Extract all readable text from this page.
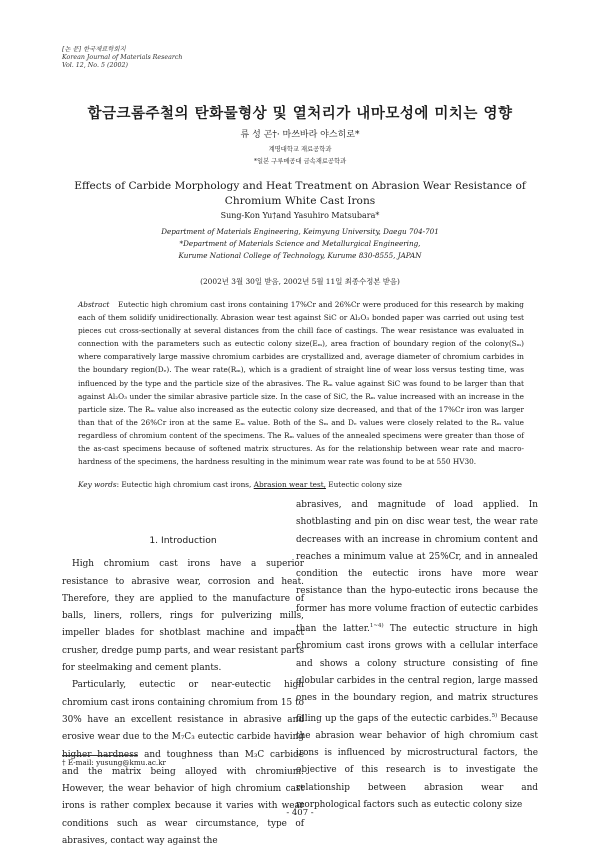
[논 문] 한국재료학회지
Korean Journal of Materials Research
Vol. 12, No. 5 (2002)
합금크롬주철의 탄화물형상 및 열처리가 내마모성에 미치는 영향
류 성 곤†· 마쓰바라 야스히로*
계명대학교 재료공학과
*일본 구루메공대 금속재료공학과
Effects of Carbide Morphology and Heat Treatment on Abrasion Wear Resistance of
Chromium White Cast Irons
Sung-Kon Yu†and Yasuhiro Matsubara*
Department of Materials Engineering, Keimyung University, Daegu 704-701
*Department of Materials Science and Metallurgical Engineering,
Kurume National College of Technology, Kurume 830-8555, JAPAN
(2002년 3월 30일 받음, 2002년 5월 11일 최종수정본 받음)
Abstract Eutectic high chromium cast irons containing 17%Cr and 26%Cr were produced for this research by making each of them solidify unidirectionally. Abrasion wear test against SiC or Al₂O₃ bonded paper was carried out using test pieces cut cross-sectionally at several distances from the chill face of castings. The wear resistance was evaluated in connection with the parameters such as eutectic colony size(Eₘ), area fraction of boundary region of the colony(Sₘ) where comparatively large massive chromium carbides are crystallized and, average diameter of chromium carbides in the boundary region(Dₑ). The wear rate(Rₘ), which is a gradient of straight line of wear loss versus testing time, was influenced by the type and the particle size of the abrasives. The Rₘ value against SiC was found to be larger than that against Al₂O₃ under the similar abrasive particle size. In the case of SiC, the Rₘ value increased with an increase in the particle size. The Rₘ value also increased as the eutectic colony size decreased, and that of the 17%Cr iron was larger than that of the 26%Cr iron at the same Eₘ value. Both of the Sₘ and Dₑ values were closely related to the Rₘ value regardless of chromium content of the specimens. The Rₘ values of the annealed specimens were greater than those of the as-cast specimens because of softened matrix structures. As for the relationship between wear rate and macro-hardness of the specimens, the hardness resulting in the minimum wear rate was found to be at 550 HV30.
Key words: Eutectic high chromium cast irons, Abrasion wear test, Eutectic colony size
1. Introduction

High chromium cast irons have a superior resistance to abrasive wear, corrosion and heat. Therefore, they are applied to the manufacture of balls, liners, rollers, rings for pulverizing mills, impeller blades for shotblast machine and impact crusher, dredge pump parts, and wear resistant parts for steelmaking and cement plants.

Particularly, eutectic or near-eutectic high chromium cast irons containing chromium from 15 to 30% have an excellent resistance in abrasive and erosive wear due to the M₇C₃ eutectic carbide having higher hardness and toughness than M₃C carbide and the matrix being alloyed with chromium. However, the wear behavior of high chromium cast irons is rather complex because it varies with wear conditions such as wear circumstance, type of abrasives, contact way against the

abrasives, and magnitude of load applied. In shotblasting and pin on disc wear test, the wear rate decreases with an increase in chromium content and reaches a minimum value at 25%Cr, and in annealed condition the eutectic irons have more wear resistance than the hypo-eutectic irons because the former has more volume fraction of eutectic carbides than the latter.$^{1\sim 4)}$ The eutectic structure in high chromium cast irons grows with a cellular interface and shows a colony structure consisting of fine globular carbides in the central region, large massed ones in the boundary region, and matrix structures filling up the gaps of the eutectic carbides.$^{5)}$ Because the abrasion wear behavior of high chromium cast irons is influenced by microstructural factors, the objective of this research is to investigate the relationship between abrasion wear and morphological factors such as eutectic colony size

† E-mail: yusung@kmu.ac.kr
- 407 -
